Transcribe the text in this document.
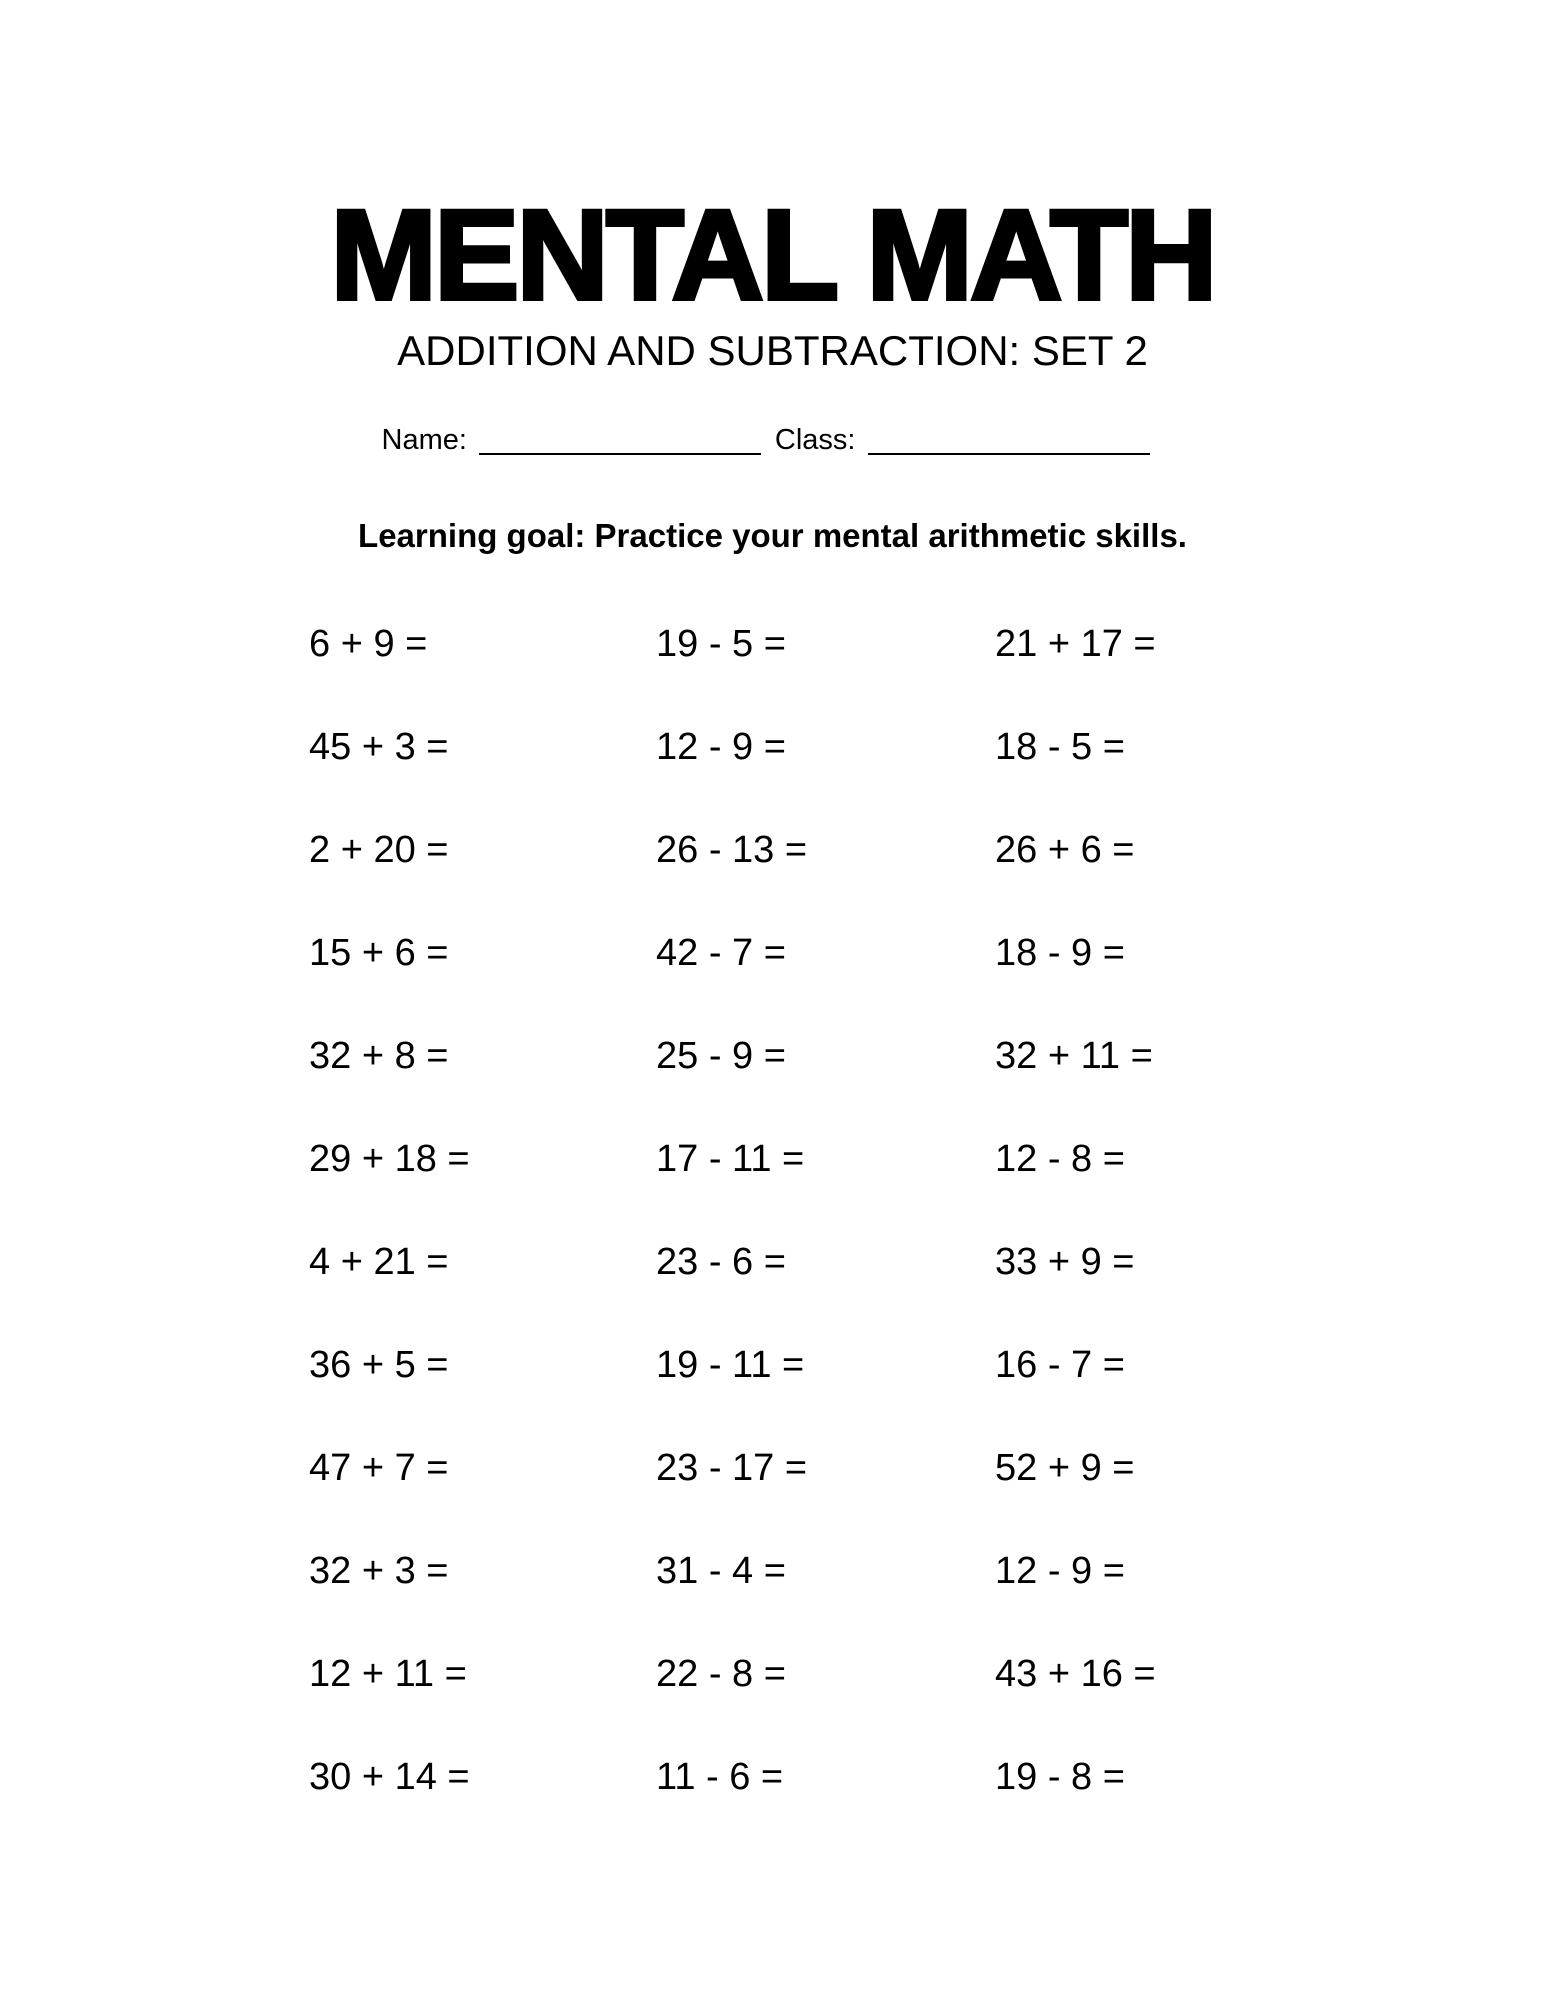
MENTAL MATH
ADDITION AND SUBTRACTION: SET 2
Name:	Class:
Learning goal: Practice your mental arithmetic skills.
6 + 9 =	19 - 5 =	21 + 17 =
45 + 3 =	12 - 9 =	18 - 5 =
2 + 20 =	26 - 13 =	26 + 6 =
15 + 6 =	42 - 7 =	18 - 9 =
32 + 8 =	25 - 9 =	32 + 11 =
29 + 18 =	17 - 11 =	12 - 8 =
4 + 21 =	23 - 6 =	33 + 9 =
36 + 5 =	19 - 11 =	16 - 7 =
47 + 7 =	23 - 17 =	52 + 9 =
32 + 3 =	31 - 4 =	12 - 9 =
12 + 11 =	22 - 8 =	43 + 16 =
30 + 14 =	11 - 6 =	19 - 8 =
